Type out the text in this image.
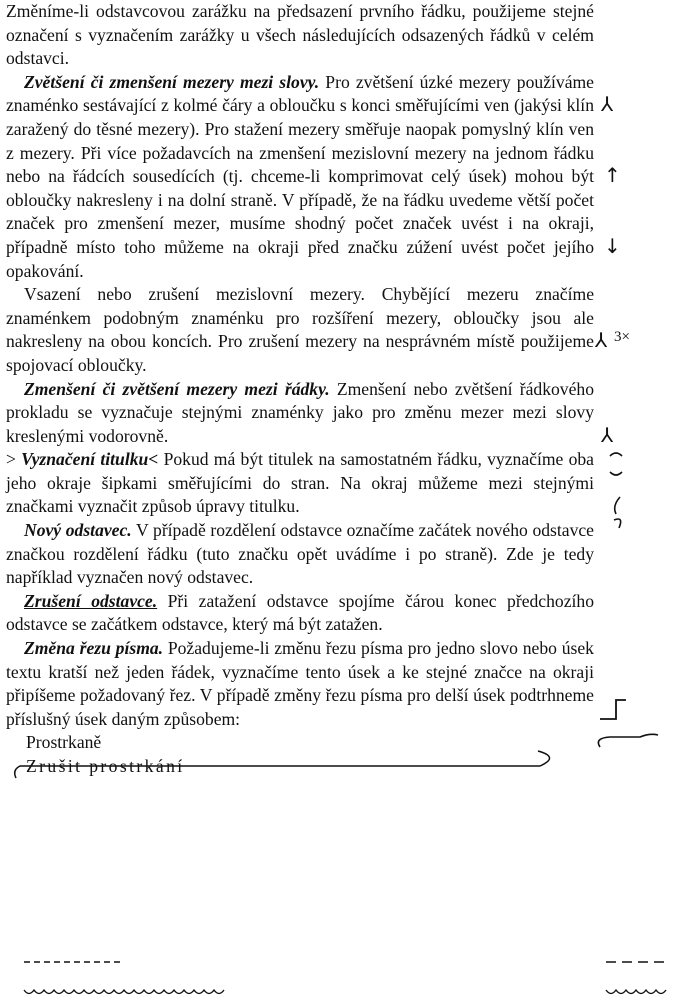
Změníme-li odstavcovou zarážku na předsazení prvního řádku, použijeme stejné označení s vyznačením zarážky u všech následujících odsazených řádků v celém odstavci.

Zvětšení či zmenšení mezery mezi slovy. Pro zvětšení úzké mezery používáme znaménko sestávající z kolmé čáry a obloučku s konci směřujícími ven (jakýsi klín zaražený do těsné mezery). Pro stažení mezery směřuje naopak pomyslný klín ven z mezery. Při více požadavcích na zmenšení mezislovní mezery na jednom řádku nebo na řádcích sousedících (tj. chceme-li komprimovat celý úsek) mohou být obloučky nakresleny i na dolní straně. V případě, že na řádku uvedeme větší počet značek pro zmenšení mezer, musíme shodný počet značek uvést i na okraji, případně místo toho můžeme na okraji před značku zúžení uvést počet jejího opakování.

Vsazení nebo zrušení mezislovní mezery. Chybějící mezeru značíme znaménkem podobným znaménku pro rozšíření mezery, obloučky jsou ale nakresleny na obou koncích. Pro zrušení mezery na nesprávném místě použijeme spojovací obloučky.

Zmenšení či zvětšení mezery mezi řádky. Zmenšení nebo zvětšení řádkového prokladu se vyznačuje stejnými znaménky jako pro změnu mezer mezi slovy kreslenými vodorovně.

> Vyznačení titulku< Pokud má být titulek na samostatném řádku, vyznačíme oba jeho okraje šipkami směřujícími do stran. Na okraj můžeme mezi stejnými značkami vyznačit způsob úpravy titulku.

Nový odstavec. V případě rozdělení odstavce označíme začátek nového odstavce značkou rozdělení řádku (tuto značku opět uvádíme i po straně). Zde je tedy například vyznačen nový odstavec.

Zrušení odstavce. Při zatažení odstavce spojíme čárou konec předchozího odstavce se začátkem odstavce, který má být zatažen.

Změna řezu písma. Požadujeme-li změnu řezu písma pro jedno slovo nebo úsek textu kratší než jeden řádek, vyznačíme tento úsek a ke stejné značce na okraji připíšeme požadovaný řez. V případě změny řezu písma pro delší úsek podtrhneme příslušný úsek daným způsobem:

Prostrkaně
Zrušit prostrkání
⅄
↑
↓
⅄ 3×
⅄
